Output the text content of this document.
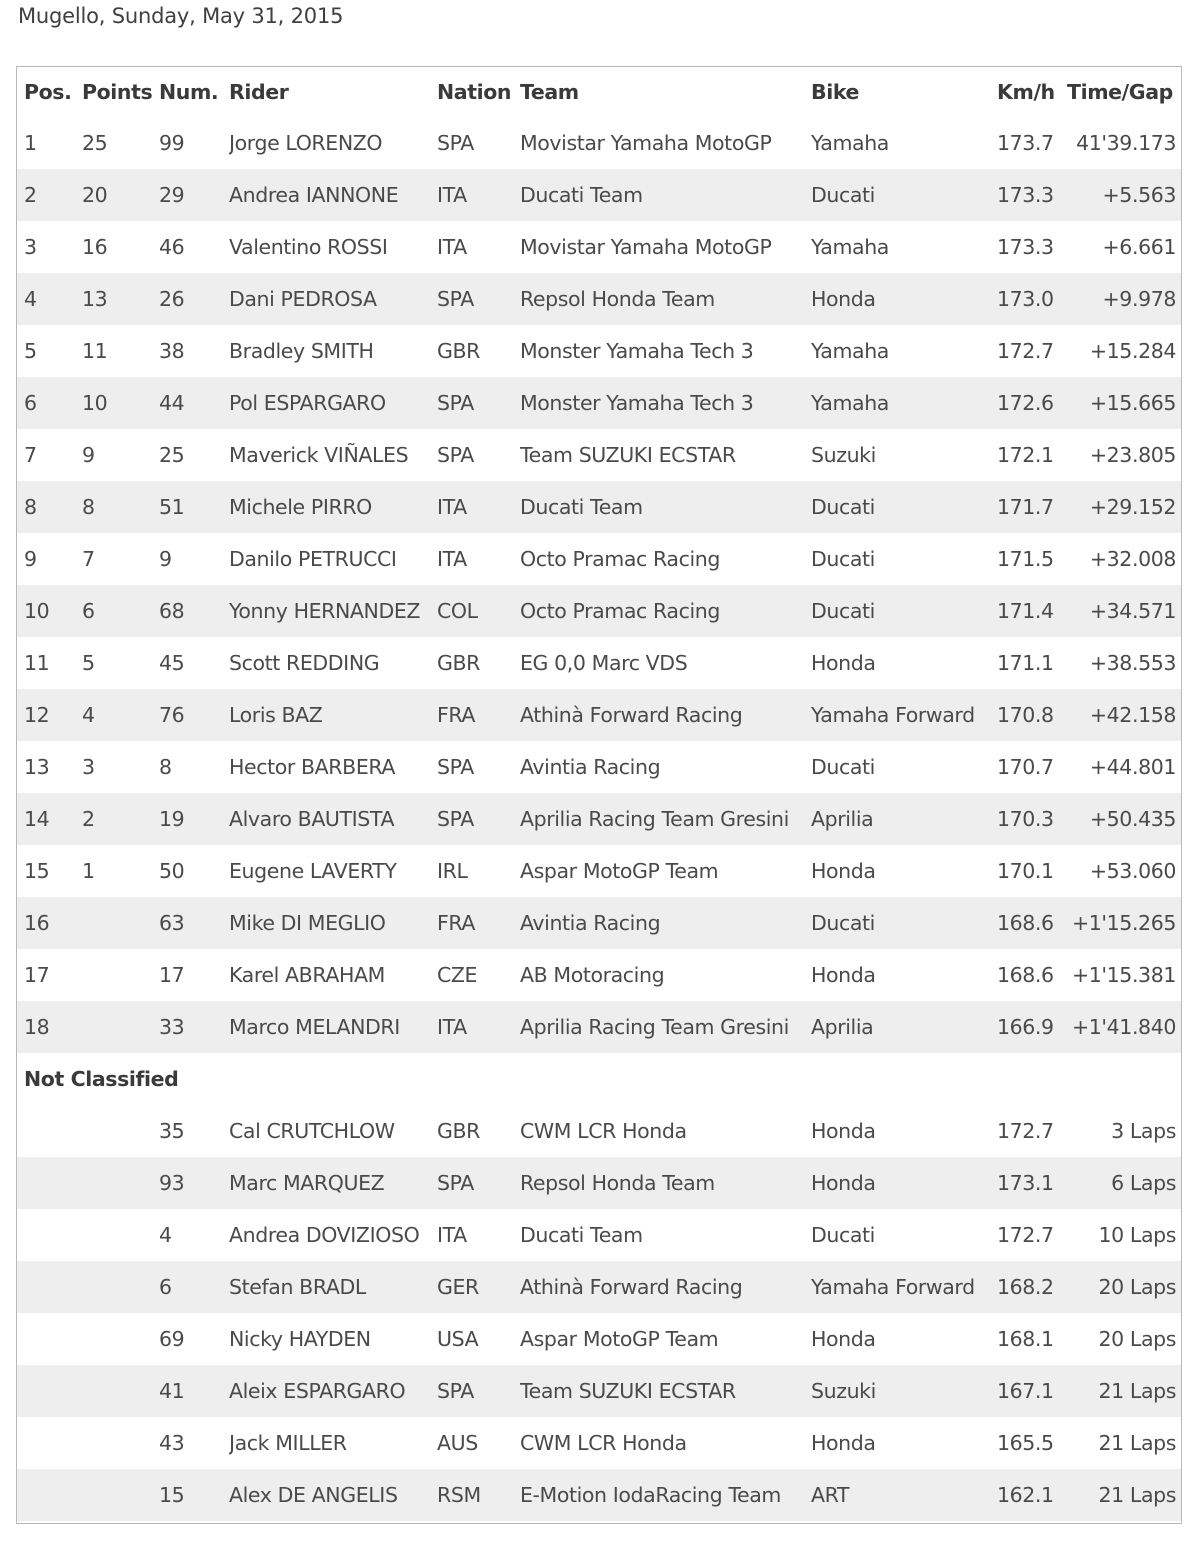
Mugello, Sunday, May 31, 2015
Pos.	Points	Num.	Rider	Nation	Team	Bike	Km/h	Time/Gap
1	25	99	Jorge LORENZO	SPA	Movistar Yamaha MotoGP	Yamaha	173.7	41'39.173
2	20	29	Andrea IANNONE	ITA	Ducati Team	Ducati	173.3	+5.563
3	16	46	Valentino ROSSI	ITA	Movistar Yamaha MotoGP	Yamaha	173.3	+6.661
4	13	26	Dani PEDROSA	SPA	Repsol Honda Team	Honda	173.0	+9.978
5	11	38	Bradley SMITH	GBR	Monster Yamaha Tech 3	Yamaha	172.7	+15.284
6	10	44	Pol ESPARGARO	SPA	Monster Yamaha Tech 3	Yamaha	172.6	+15.665
7	9	25	Maverick VIÑALES	SPA	Team SUZUKI ECSTAR	Suzuki	172.1	+23.805
8	8	51	Michele PIRRO	ITA	Ducati Team	Ducati	171.7	+29.152
9	7	9	Danilo PETRUCCI	ITA	Octo Pramac Racing	Ducati	171.5	+32.008
10	6	68	Yonny HERNANDEZ	COL	Octo Pramac Racing	Ducati	171.4	+34.571
11	5	45	Scott REDDING	GBR	EG 0,0 Marc VDS	Honda	171.1	+38.553
12	4	76	Loris BAZ	FRA	Athinà Forward Racing	Yamaha Forward	170.8	+42.158
13	3	8	Hector BARBERA	SPA	Avintia Racing	Ducati	170.7	+44.801
14	2	19	Alvaro BAUTISTA	SPA	Aprilia Racing Team Gresini	Aprilia	170.3	+50.435
15	1	50	Eugene LAVERTY	IRL	Aspar MotoGP Team	Honda	170.1	+53.060
16		63	Mike DI MEGLIO	FRA	Avintia Racing	Ducati	168.6	+1'15.265
17		17	Karel ABRAHAM	CZE	AB Motoracing	Honda	168.6	+1'15.381
18		33	Marco MELANDRI	ITA	Aprilia Racing Team Gresini	Aprilia	166.9	+1'41.840
Not Classified								
		35	Cal CRUTCHLOW	GBR	CWM LCR Honda	Honda	172.7	3 Laps
		93	Marc MARQUEZ	SPA	Repsol Honda Team	Honda	173.1	6 Laps
		4	Andrea DOVIZIOSO	ITA	Ducati Team	Ducati	172.7	10 Laps
		6	Stefan BRADL	GER	Athinà Forward Racing	Yamaha Forward	168.2	20 Laps
		69	Nicky HAYDEN	USA	Aspar MotoGP Team	Honda	168.1	20 Laps
		41	Aleix ESPARGARO	SPA	Team SUZUKI ECSTAR	Suzuki	167.1	21 Laps
		43	Jack MILLER	AUS	CWM LCR Honda	Honda	165.5	21 Laps
		15	Alex DE ANGELIS	RSM	E-Motion IodaRacing Team	ART	162.1	21 Laps
